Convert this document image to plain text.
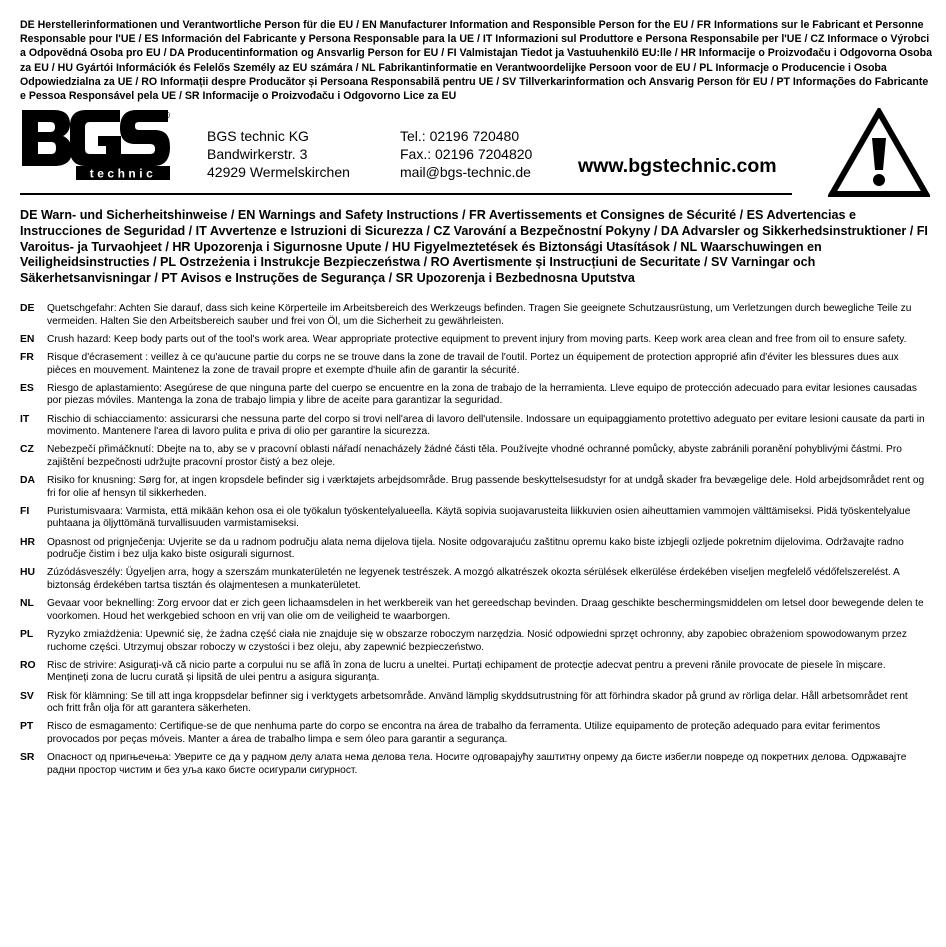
DE Herstellerinformationen und Verantwortliche Person für die EU / EN Manufacturer Information and Responsible Person for the EU / FR Informations sur le Fabricant et Personne Responsable pour l'UE / ES Información del Fabricante y Persona Responsable para la UE / IT Informazioni sul Produttore e Persona Responsabile per l'UE / CZ Informace o Výrobci a Odpovědná Osoba pro EU / DA Producentinformation og Ansvarlig Person for EU / FI Valmistajan Tiedot ja Vastuuhenkilö EU:lle / HR Informacije o Proizvođaču i Odgovorna Osoba za EU / HU Gyártói Információk és Felelős Személy az EU számára / NL Fabrikantinformatie en Verantwoordelijke Persoon voor de EU / PL Informacje o Producencie i Osoba Odpowiedzialna za UE / RO Informații despre Producător și Persoana Responsabilă pentru UE / SV Tillverkarinformation och Ansvarig Person för EU / PT Informações do Fabricante e Pessoa Responsável pela UE / SR Informacije o Proizvođaču i Odgovorno Lice za EU
technic
®
BGS technic KG
Bandwirkerstr. 3
42929 Wermelskirchen
Tel.: 02196 720480
Fax.: 02196 7204820
mail@bgs-technic.de www.bgstechnic.com
DE Warn- und Sicherheitshinweise / EN Warnings and Safety Instructions / FR Avertissements et Consignes de Sécurité / ES Advertencias e Instrucciones de Seguridad / IT Avvertenze e Istruzioni di Sicurezza / CZ Varování a Bezpečnostní Pokyny / DA Advarsler og Sikkerhedsinstruktioner / FI Varoitus- ja Turvaohjeet / HR Upozorenja i Sigurnosne Upute / HU Figyelmeztetések és Biztonsági Utasítások / NL Waarschuwingen en Veiligheidsinstructies / PL Ostrzeżenia i Instrukcje Bezpieczeństwa / RO Avertismente și Instrucțiuni de Securitate / SV Varningar och Säkerhetsanvisningar / PT Avisos e Instruções de Segurança / SR Upozorenja i Bezbednosna Uputstva
DE	Quetschgefahr: Achten Sie darauf, dass sich keine Körperteile im Arbeitsbereich des Werkzeugs befinden. Tragen Sie geeignete Schutzausrüstung, um Verletzungen durch bewegliche Teile zu vermeiden. Halten Sie den Arbeitsbereich sauber und frei von Öl, um die Sicherheit zu gewährleisten.
EN	Crush hazard: Keep body parts out of the tool's work area. Wear appropriate protective equipment to prevent injury from moving parts. Keep work area clean and free from oil to ensure safety.
FR	Risque d'écrasement : veillez à ce qu'aucune partie du corps ne se trouve dans la zone de travail de l'outil. Portez un équipement de protection approprié afin d'éviter les blessures dues aux pièces en mouvement. Maintenez la zone de travail propre et exempte d'huile afin de garantir la sécurité.
ES	Riesgo de aplastamiento: Asegúrese de que ninguna parte del cuerpo se encuentre en la zona de trabajo de la herramienta. Lleve equipo de protección adecuado para evitar lesiones causadas por piezas móviles. Mantenga la zona de trabajo limpia y libre de aceite para garantizar la seguridad.
IT	Rischio di schiacciamento: assicurarsi che nessuna parte del corpo si trovi nell'area di lavoro dell'utensile. Indossare un equipaggiamento protettivo adeguato per evitare lesioni causate da parti in movimento. Mantenere l'area di lavoro pulita e priva di olio per garantire la sicurezza.
CZ	Nebezpečí přimáčknutí: Dbejte na to, aby se v pracovní oblasti nářadí nenacházely žádné části těla. Používejte vhodné ochranné pomůcky, abyste zabránili poranění pohyblivými částmi. Pro zajištění bezpečnosti udržujte pracovní prostor čistý a bez oleje.
DA	Risiko for knusning: Sørg for, at ingen kropsdele befinder sig i værktøjets arbejdsområde. Brug passende beskyttelsesudstyr for at undgå skader fra bevægelige dele. Hold arbejdsområdet rent og fri for olie af hensyn til sikkerheden.
FI	Puristumisvaara: Varmista, että mikään kehon osa ei ole työkalun työskentelyalueella. Käytä sopivia suojavarusteita liikkuvien osien aiheuttamien vammojen välttämiseksi. Pidä työskentelyalue puhtaana ja öljyttömänä turvallisuuden varmistamiseksi.
HR	Opasnost od prignječenja: Uvjerite se da u radnom području alata nema dijelova tijela. Nosite odgovarajuću zaštitnu opremu kako biste izbjegli ozljede pokretnim dijelovima. Održavajte radno područje čistim i bez ulja kako biste osigurali sigurnost.
HU	Zúzódásveszély: Ügyeljen arra, hogy a szerszám munkaterületén ne legyenek testrészek. A mozgó alkatrészek okozta sérülések elkerülése érdekében viseljen megfelelő védőfelszerelést. A biztonság érdekében tartsa tisztán és olajmentesen a munkaterületet.
NL	Gevaar voor beknelling: Zorg ervoor dat er zich geen lichaamsdelen in het werkbereik van het gereedschap bevinden. Draag geschikte beschermingsmiddelen om letsel door bewegende delen te voorkomen. Houd het werkgebied schoon en vrij van olie om de veiligheid te waarborgen.
PL	Ryzyko zmiażdżenia: Upewnić się, że żadna część ciała nie znajduje się w obszarze roboczym narzędzia. Nosić odpowiedni sprzęt ochronny, aby zapobiec obrażeniom spowodowanym przez ruchome części. Utrzymuj obszar roboczy w czystości i bez oleju, aby zapewnić bezpieczeństwo.
RO	Risc de strivire: Asigurați-vă că nicio parte a corpului nu se află în zona de lucru a uneltei. Purtați echipament de protecție adecvat pentru a preveni rănile provocate de piesele în mișcare. Mențineți zona de lucru curată și lipsită de ulei pentru a asigura siguranța.
SV	Risk för klämning: Se till att inga kroppsdelar befinner sig i verktygets arbetsområde. Använd lämplig skyddsutrustning för att förhindra skador på grund av rörliga delar. Håll arbetsområdet rent och fritt från olja för att garantera säkerheten.
PT	Risco de esmagamento: Certifique-se de que nenhuma parte do corpo se encontra na área de trabalho da ferramenta. Utilize equipamento de proteção adequado para evitar ferimentos provocados por peças móveis. Manter a área de trabalho limpa e sem óleo para garantir a segurança.
SR	Опасност од пригњечења: Уверите се да у радном делу алата нема делова тела. Носите одговарајућу заштитну опрему да бисте избегли повреде од покретних делова. Одржавајте радни простор чистим и без уља како бисте осигурали сигурност.
